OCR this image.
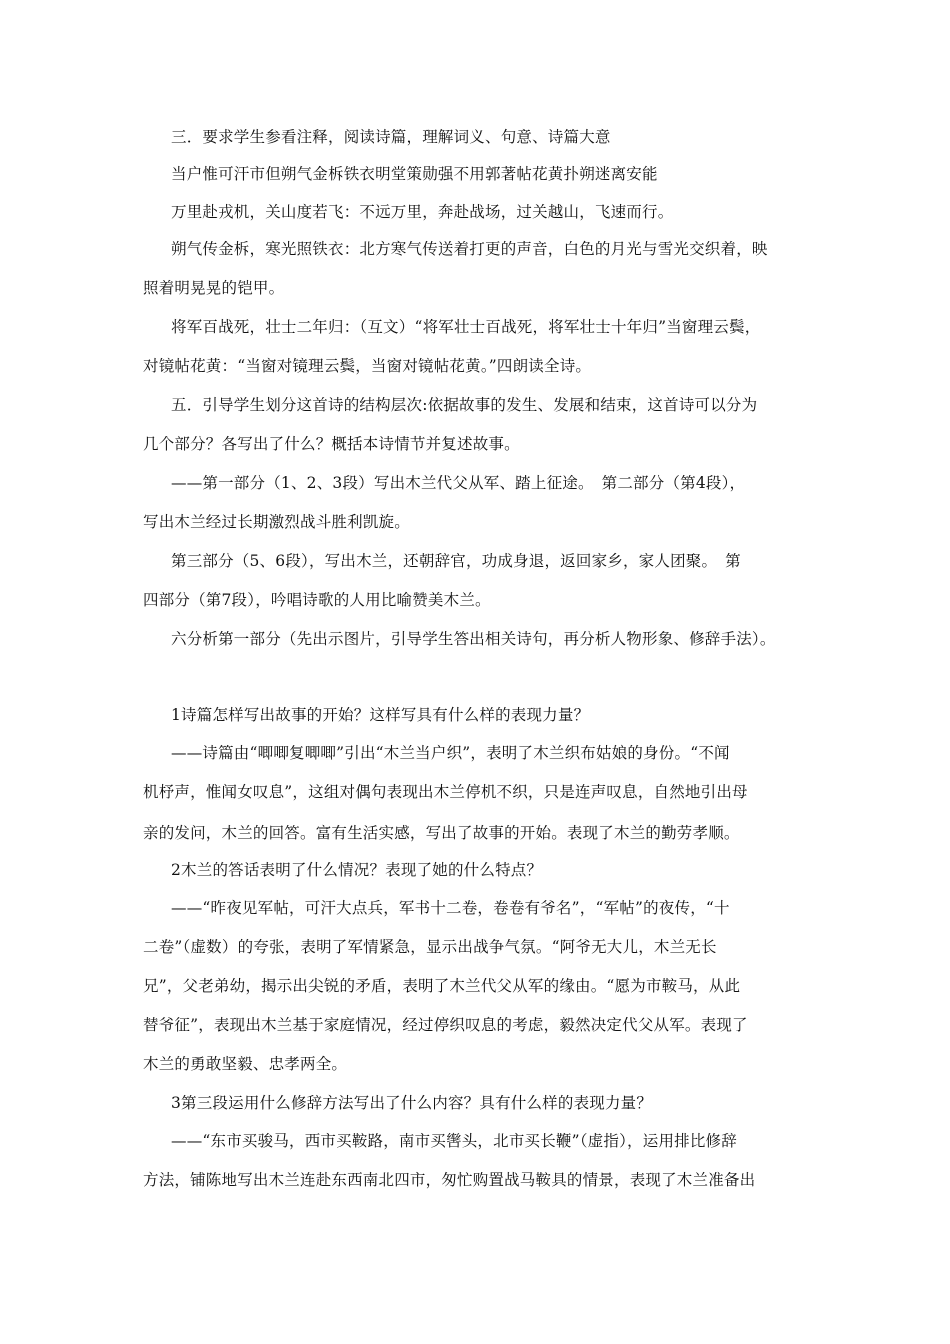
三．要求学生参看注释，阅读诗篇，理解词义、句意、诗篇大意
当户惟可汗市但朔气金柝铁衣明堂策勋强不用郭著帖花黄扑朔迷离安能
万里赴戎机，关山度若飞：不远万里，奔赴战场，过关越山，飞速而行。
朔气传金柝，寒光照铁衣：北方寒气传送着打更的声音，白色的月光与雪光交织着，映
照着明晃晃的铠甲。
将军百战死，壮士二年归：（互文）“将军壮士百战死，将军壮士十年归”当窗理云鬓，
对镜帖花黄：“当窗对镜理云鬓，当窗对镜帖花黄。”四朗读全诗。
五．引导学生划分这首诗的结构层次:依据故事的发生、发展和结束，这首诗可以分为
几个部分？各写出了什么？概括本诗情节并复述故事。
——第一部分（1、2、3段）写出木兰代父从军、踏上征途。　第二部分（第4段），
写出木兰经过长期激烈战斗胜利凯旋。
第三部分（5、6段），写出木兰，还朝辞官，功成身退，返回家乡，家人团聚。　第
四部分（第7段），吟唱诗歌的人用比喻赞美木兰。
六分析第一部分（先出示图片，引导学生答出相关诗句，再分析人物形象、修辞手法）。
1诗篇怎样写出故事的开始？这样写具有什么样的表现力量？
——诗篇由“唧唧复唧唧”引出“木兰当户织”，表明了木兰织布姑娘的身份。“不闻
机杼声，惟闻女叹息”，这组对偶句表现出木兰停机不织，只是连声叹息，自然地引出母
亲的发问，木兰的回答。富有生活实感，写出了故事的开始。表现了木兰的勤劳孝顺。
2木兰的答话表明了什么情况？表现了她的什么特点？
——“昨夜见军帖，可汗大点兵，军书十二卷，卷卷有爷名”，“军帖”的夜传，“十
二卷”（虚数）的夸张，表明了军情紧急，显示出战争气氛。“阿爷无大儿，木兰无长
兄”，父老弟幼，揭示出尖锐的矛盾，表明了木兰代父从军的缘由。“愿为市鞍马，从此
替爷征”，表现出木兰基于家庭情况，经过停织叹息的考虑，毅然决定代父从军。表现了
木兰的勇敢坚毅、忠孝两全。
3第三段运用什么修辞方法写出了什么内容？具有什么样的表现力量？
——“东市买骏马，西市买鞍路，南市买辔头，北市买长鞭”（虚指），运用排比修辞
方法，铺陈地写出木兰连赴东西南北四市，匆忙购置战马鞍具的情景，表现了木兰准备出
